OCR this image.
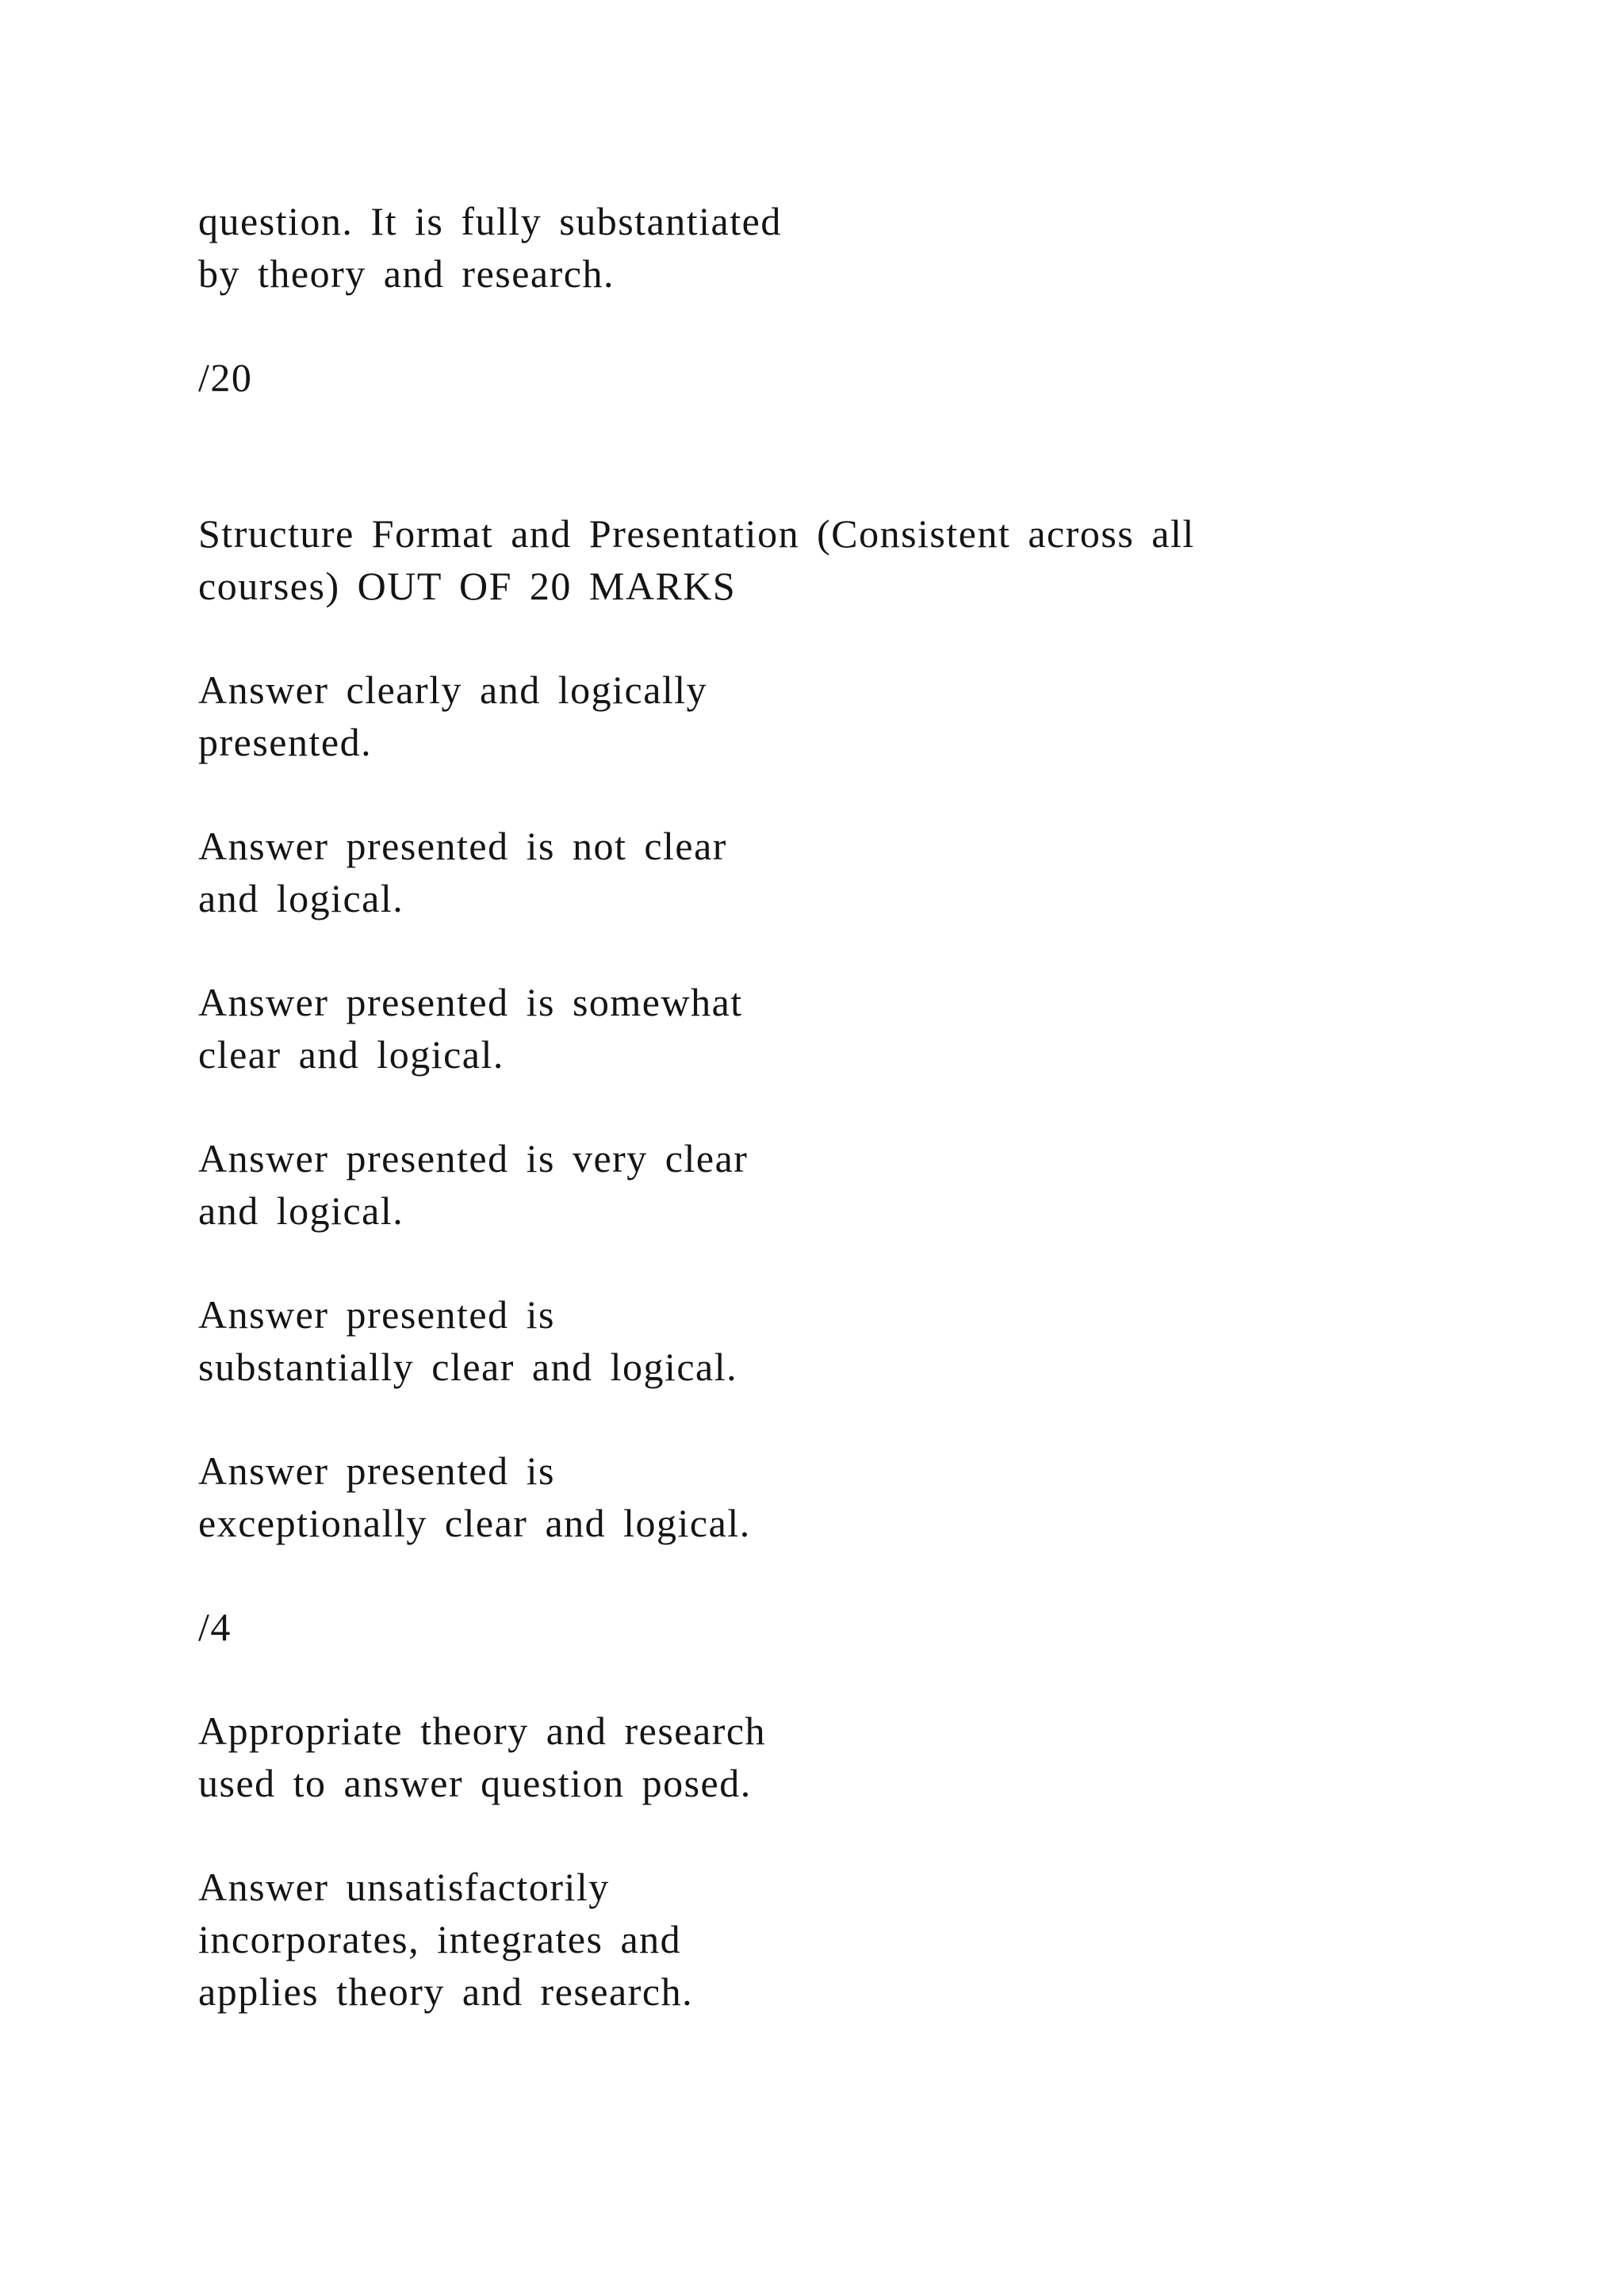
question. It is fully substantiated
by theory and research.

/20

Structure Format and Presentation (Consistent across all
courses) OUT OF 20 MARKS

Answer clearly and logically
presented.

Answer presented is not clear
and logical.

Answer presented is somewhat
clear and logical.

Answer presented is very clear
and logical.

Answer presented is
substantially clear and logical.

Answer presented is
exceptionally clear and logical.

/4

Appropriate theory and research
used to answer question posed.

Answer unsatisfactorily
incorporates, integrates and
applies theory and research.
